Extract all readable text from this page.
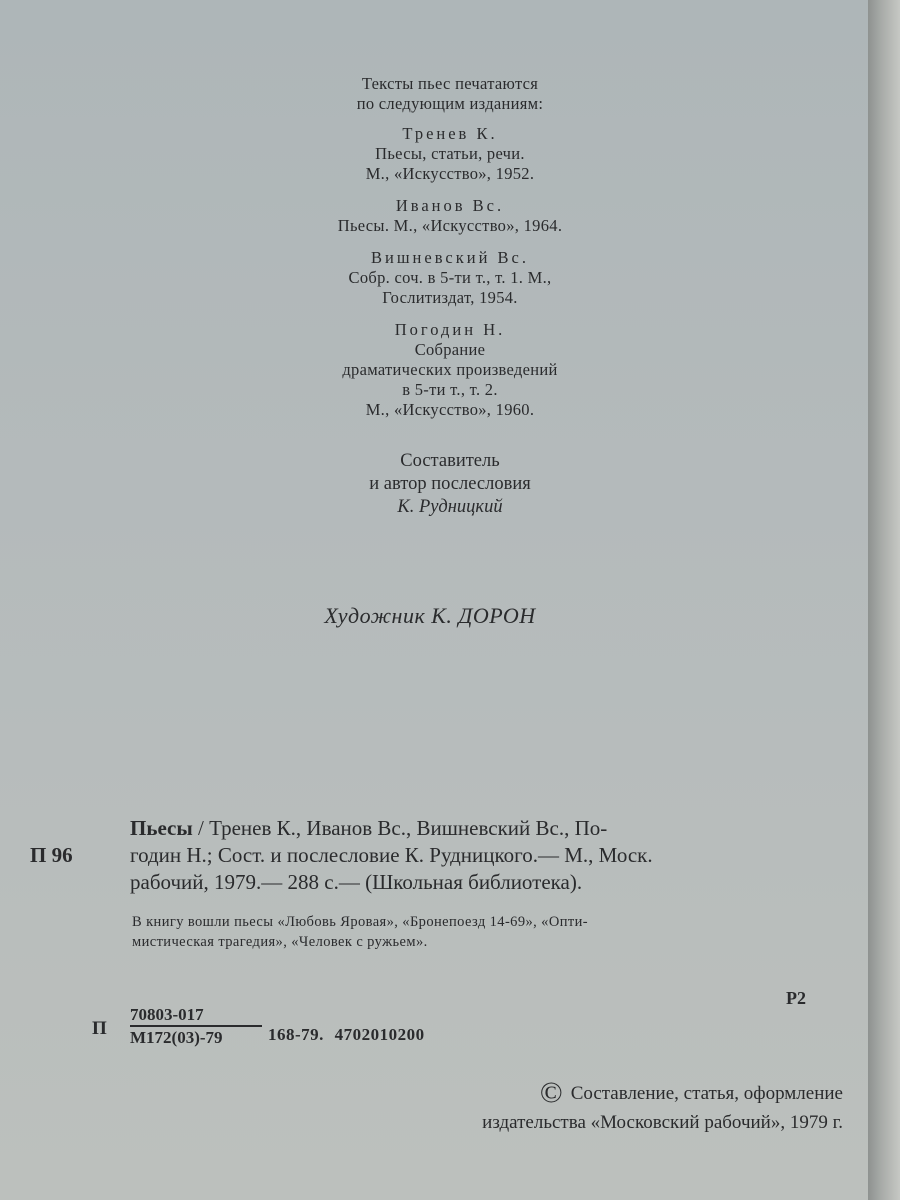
Тексты пьес печатаются
по следующим изданиям:
Тренев К.
Пьесы, статьи, речи.
М., «Искусство», 1952.
Иванов Вс.
Пьесы. М., «Искусство», 1964.
Вишневский Вс.
Собр. соч. в 5-ти т., т. 1. М.,
Гослитиздат, 1954.
Погодин Н.
Собрание
драматических произведений
в 5-ти т., т. 2.
М., «Искусство», 1960.
Составитель
и автор послесловия
К. Рудницкий
Художник К. ДОРОН
П 96
Пьесы / Тренев К., Иванов Вс., Вишневский Вс., По-
годин Н.; Сост. и послесловие К. Рудницкого.— М., Моск.
рабочий, 1979.— 288 с.— (Школьная библиотека).
В книгу вошли пьесы «Любовь Яровая», «Бронепоезд 14-69», «Опти-
мистическая трагедия», «Человек с ружьем».
Р2
П
70803-017
М172(03)-79	168-79. 4702010200
© Составление, статья, оформление
издательства «Московский рабочий», 1979 г.
